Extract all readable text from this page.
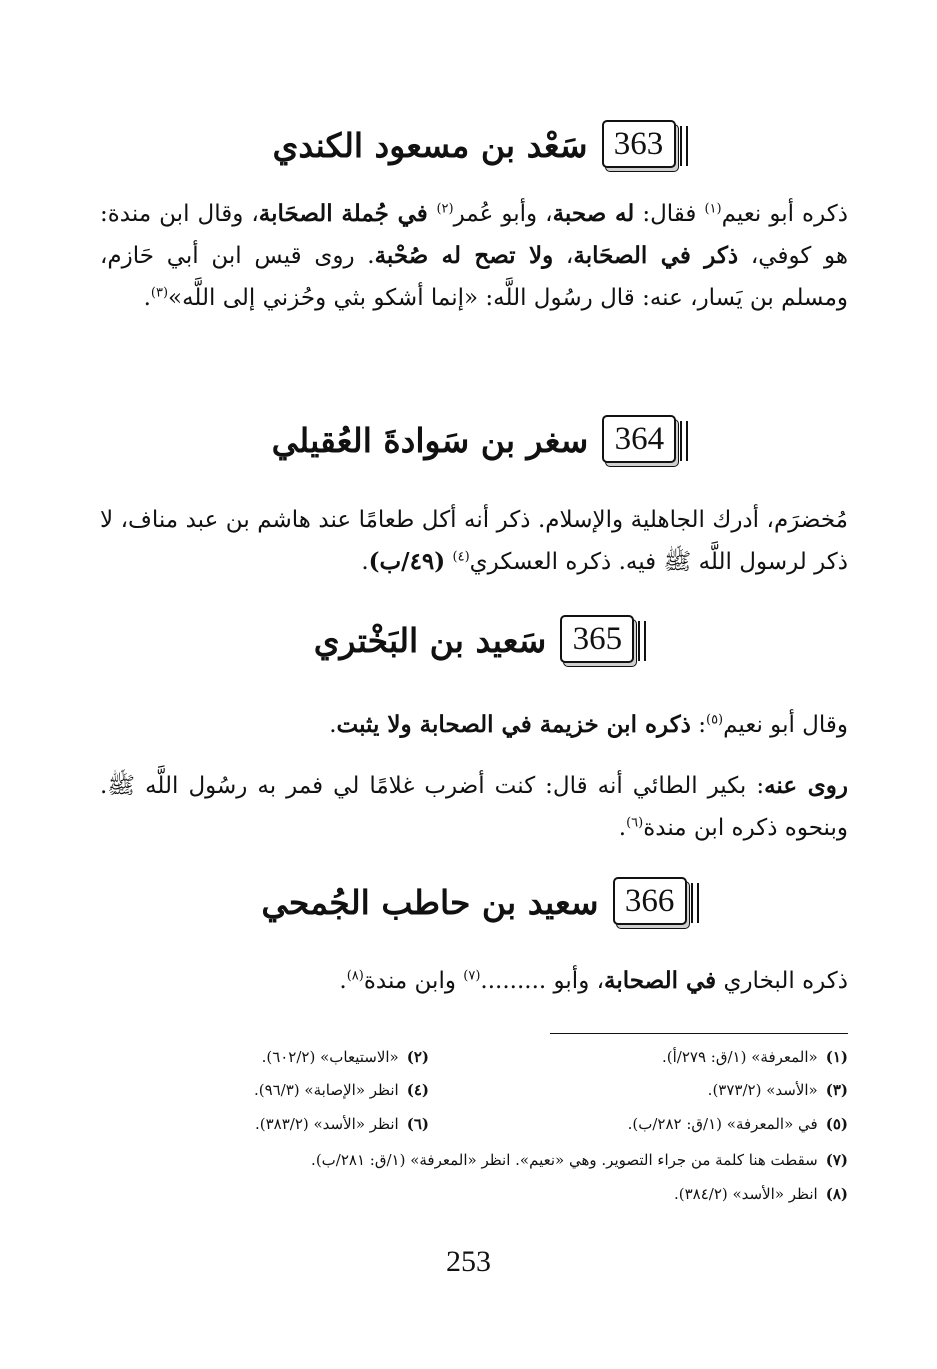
سَعْد بن مسعود الكندي 363
ذكره أبو نعيم$^{(١)}$ فقال: له صحبة، وأبو عُمر$^{(٢)}$ في جُملة الصحَابة، وقال ابن مندة: هو كوفي، ذكر في الصحَابة، ولا تصح له صُحْبة. روى قيس ابن أبي حَازم، ومسلم بن يَسار، عنه: قال رسُول اللَّه: «إنما أشكو بثي وحُزني إلى اللَّه»$^{(٣)}$.
سغر بن سَوادةَ العُقيلي 364
مُخضرَم، أدرك الجاهلية والإسلام. ذكر أنه أكل طعامًا عند هاشم بن عبد مناف، لا ذكر لرسول اللَّه ﷺ فيه. ذكره العسكري$^{(٤)}$ (٤٩/ب).
سَعيد بن البَخْتري 365
وقال أبو نعيم$^{(٥)}$: ذكره ابن خزيمة في الصحابة ولا يثبت.
روى عنه: بكير الطائي أنه قال: كنت أضرب غلامًا لي فمر به رسُول اللَّه ﷺ. وبنحوه ذكره ابن مندة$^{(٦)}$.
سعيد بن حاطب الجُمحي 366
ذكره البخاري في الصحابة، وأبو .........$^{(٧)}$ وابن مندة$^{(٨)}$.
(١)«المعرفة» (١/ق: ٢٧٩/أ).
(٢)«الاستيعاب» (٦٠٢/٢).
(٣)«الأسد» (٣٧٣/٢).
(٤)انظر «الإصابة» (٩٦/٣).
(٥)في «المعرفة» (١/ق: ٢٨٢/ب).
(٦)انظر «الأسد» (٣٨٣/٢).
(٧)سقطت هنا كلمة من جراء التصوير. وهي «نعيم». انظر «المعرفة» (١/ق: ٢٨١/ب).
(٨)انظر «الأسد» (٣٨٤/٢).
253
